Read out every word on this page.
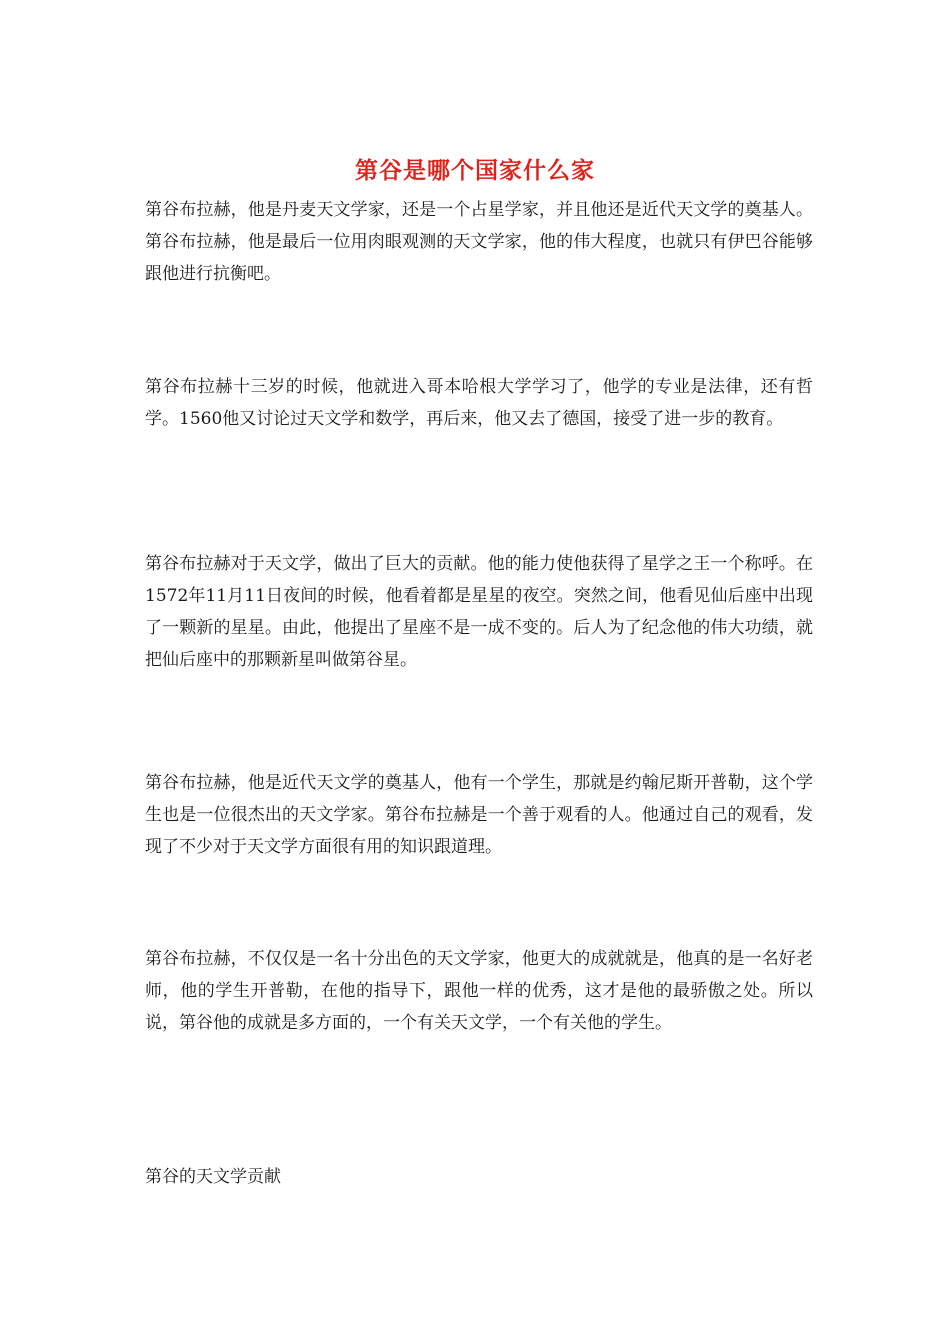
第谷是哪个国家什么家

第谷布拉赫，他是丹麦天文学家，还是一个占星学家，并且他还是近代天文学的奠基人。第谷布拉赫，他是最后一位用肉眼观测的天文学家，他的伟大程度，也就只有伊巴谷能够跟他进行抗衡吧。

第谷布拉赫十三岁的时候，他就进入哥本哈根大学学习了，他学的专业是法律，还有哲学。1560他又讨论过天文学和数学，再后来，他又去了德国，接受了进一步的教育。

第谷布拉赫对于天文学，做出了巨大的贡献。他的能力使他获得了星学之王一个称呼。在1572年11月11日夜间的时候，他看着都是星星的夜空。突然之间，他看见仙后座中出现了一颗新的星星。由此，他提出了星座不是一成不变的。后人为了纪念他的伟大功绩，就把仙后座中的那颗新星叫做第谷星。

第谷布拉赫，他是近代天文学的奠基人，他有一个学生，那就是约翰尼斯开普勒，这个学生也是一位很杰出的天文学家。第谷布拉赫是一个善于观看的人。他通过自己的观看，发现了不少对于天文学方面很有用的知识跟道理。

第谷布拉赫，不仅仅是一名十分出色的天文学家，他更大的成就就是，他真的是一名好老师，他的学生开普勒，在他的指导下，跟他一样的优秀，这才是他的最骄傲之处。所以说，第谷他的成就是多方面的，一个有关天文学，一个有关他的学生。

第谷的天文学贡献
